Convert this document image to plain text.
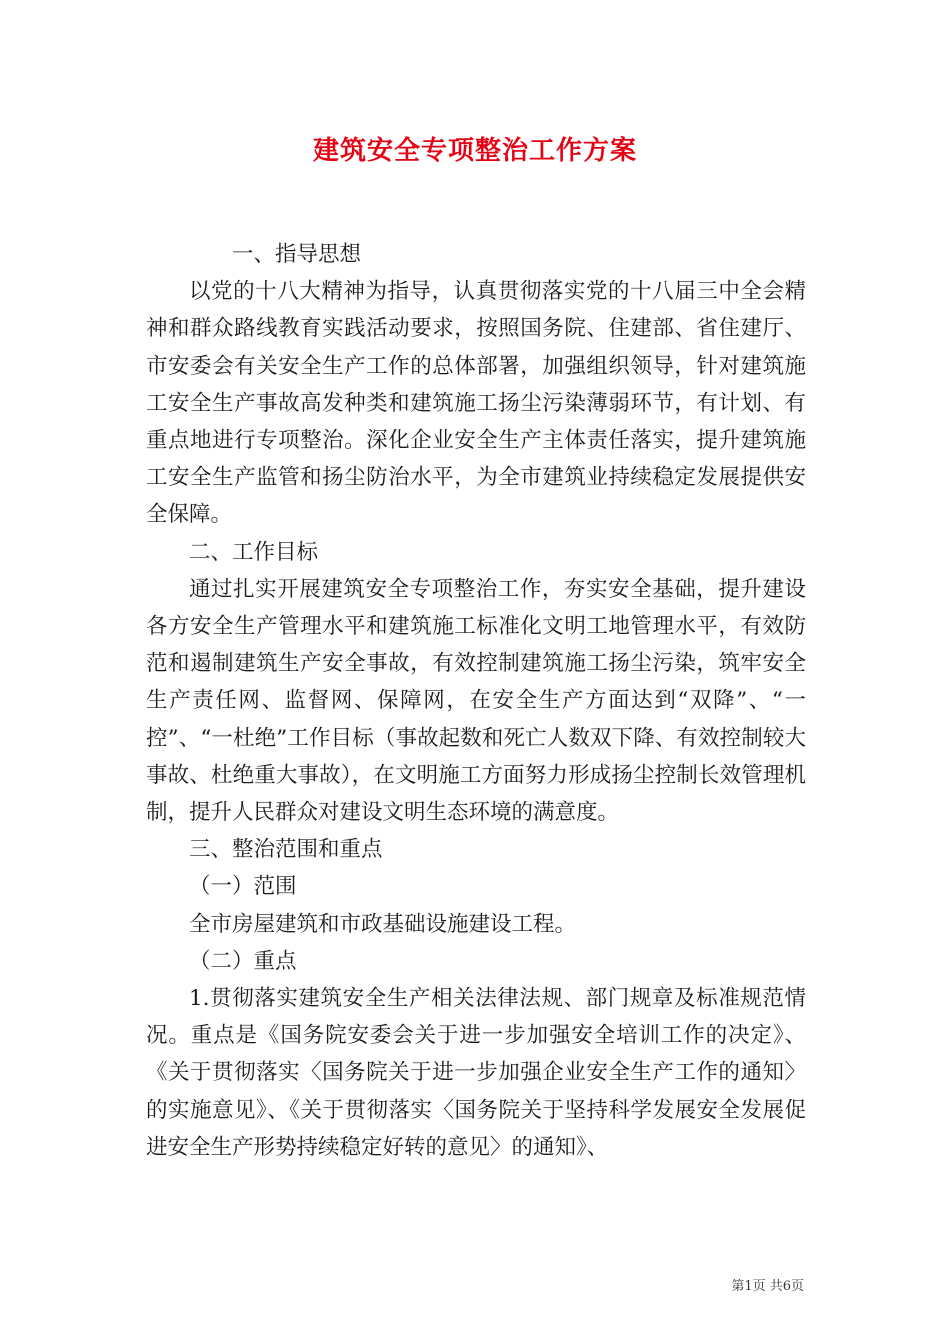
建筑安全专项整治工作方案

一、指导思想

以党的十八大精神为指导，认真贯彻落实党的十八届三中全会精神和群众路线教育实践活动要求，按照国务院、住建部、省住建厅、市安委会有关安全生产工作的总体部署，加强组织领导，针对建筑施工安全生产事故高发种类和建筑施工扬尘污染薄弱环节，有计划、有重点地进行专项整治。深化企业安全生产主体责任落实，提升建筑施工安全生产监管和扬尘防治水平，为全市建筑业持续稳定发展提供安全保障。

二、工作目标

通过扎实开展建筑安全专项整治工作，夯实安全基础，提升建设各方安全生产管理水平和建筑施工标准化文明工地管理水平，有效防范和遏制建筑生产安全事故，有效控制建筑施工扬尘污染，筑牢安全生产责任网、监督网、保障网，在安全生产方面达到“双降”、“一控”、“一杜绝”工作目标（事故起数和死亡人数双下降、有效控制较大事故、杜绝重大事故），在文明施工方面努力形成扬尘控制长效管理机制，提升人民群众对建设文明生态环境的满意度。

三、整治范围和重点

（一）范围

全市房屋建筑和市政基础设施建设工程。

（二）重点

1.贯彻落实建筑安全生产相关法律法规、部门规章及标准规范情况。重点是《国务院安委会关于进一步加强安全培训工作的决定》、《关于贯彻落实〈国务院关于进一步加强企业安全生产工作的通知〉的实施意见》、《关于贯彻落实〈国务院关于坚持科学发展安全发展促进安全生产形势持续稳定好转的意见〉的通知》、

第1页 共6页
